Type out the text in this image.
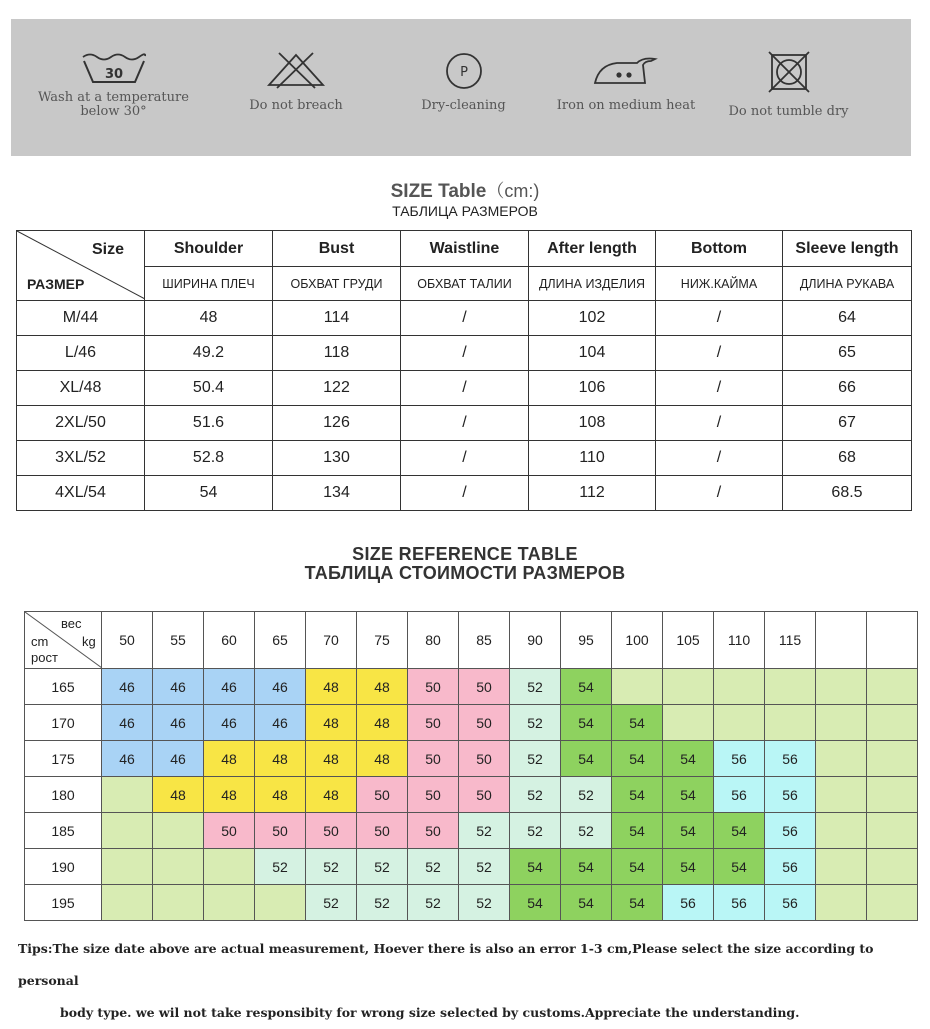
30
Wash at a temperature
below 30°	Do not breach
P
Dry-cleaning	Iron on medium heat	Do not tumble dry
SIZE Table（cm:)
ТАБЛИЦА РАЗМЕРОВ
Size
РАЗМЕР	Shoulder	Bust	Waistline	After length	Bottom	Sleeve length
	ШИРИНА ПЛЕЧ	ОБХВАТ ГРУДИ	ОБХВАТ ТАЛИИ	ДЛИНА ИЗДЕЛИЯ	НИЖ.КАЙМА	ДЛИНА РУКАВА
M/44	48	114	/	102	/	64
L/46	49.2	118	/	104	/	65
XL/48	50.4	122	/	106	/	66
2XL/50	51.6	126	/	108	/	67
3XL/52	52.8	130	/	110	/	68
4XL/54	54	134	/	112	/	68.5
SIZE REFERENCE TABLE
ТАБЛИЦА СТОИМОСТИ РАЗМЕРОВ
вес
kg
cm
рост	50	55	60	65	70	75	80	85	90	95	100	105	110	115		
165	46	46	46	46	48	48	50	50	52	54						
170	46	46	46	46	48	48	50	50	52	54	54					
175	46	46	48	48	48	48	50	50	52	54	54	54	56	56		
180		48	48	48	48	50	50	50	52	52	54	54	56	56		
185			50	50	50	50	50	52	52	52	54	54	54	56		
190				52	52	52	52	52	54	54	54	54	54	56		
195					52	52	52	52	54	54	54	56	56	56		
Tips:The size date above are actual measurement, Hoever there is also an error 1-3 cm,Please select the size according to personal
body type. we wil not take responsibity for wrong size selected by customs.Appreciate the understanding.
